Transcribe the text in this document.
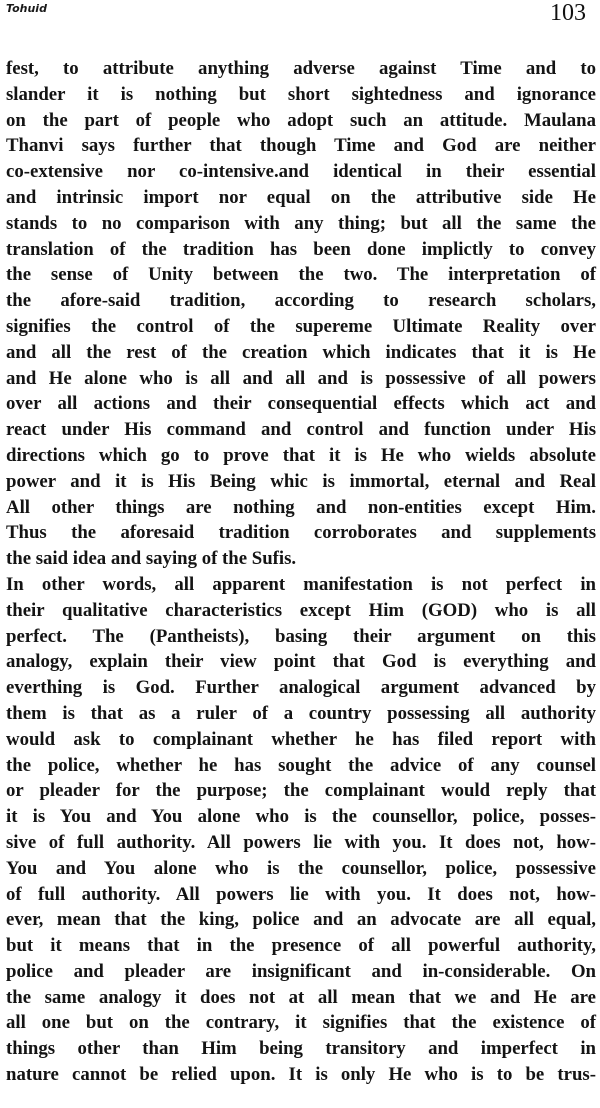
Tohuid	103
fest, to attribute anything adverse against Time and to
slander it is nothing but short sightedness and ignorance
on the part of people who adopt such an attitude. Maulana
Thanvi says further that though Time and God are neither
co-extensive nor co-intensive.and identical in their essential
and intrinsic import nor equal on the attributive side He
stands to no comparison with any thing; but all the same the
translation of the tradition has been done implictly to convey
the sense of Unity between the two. The interpretation of
the afore-said tradition, according to research scholars,
signifies the control of the supereme Ultimate Reality over
and all the rest of the creation which indicates that it is He
and He alone who is all and all and is possessive of all powers
over all actions and their consequential effects which act and
react under His command and control and function under His
directions which go to prove that it is He who wields absolute
power and it is His Being whic is immortal, eternal and Real
All other things are nothing and non-entities except Him.
Thus the aforesaid tradition corroborates and supplements
the said idea and saying of the Sufis.
In other words, all apparent manifestation is not perfect in
their qualitative characteristics except Him (GOD) who is all
perfect. The (Pantheists), basing their argument on this
analogy, explain their view point that God is everything and
everthing is God. Further analogical argument advanced by
them is that as a ruler of a country possessing all authority
would ask to complainant whether he has filed report with
the police, whether he has sought the advice of any counsel
or pleader for the purpose; the complainant would reply that
it is You and You alone who is the counsellor, police, posses-
sive of full authority. All powers lie with you. It does not, how-
You and You alone who is the counsellor, police, possessive
of full authority. All powers lie with you. It does not, how-
ever, mean that the king, police and an advocate are all equal,
but it means that in the presence of all powerful authority,
police and pleader are insignificant and in-considerable. On
the same analogy it does not at all mean that we and He are
all one but on the contrary, it signifies that the existence of
things other than Him being transitory and imperfect in
nature cannot be relied upon. It is only He who is to be trus-
